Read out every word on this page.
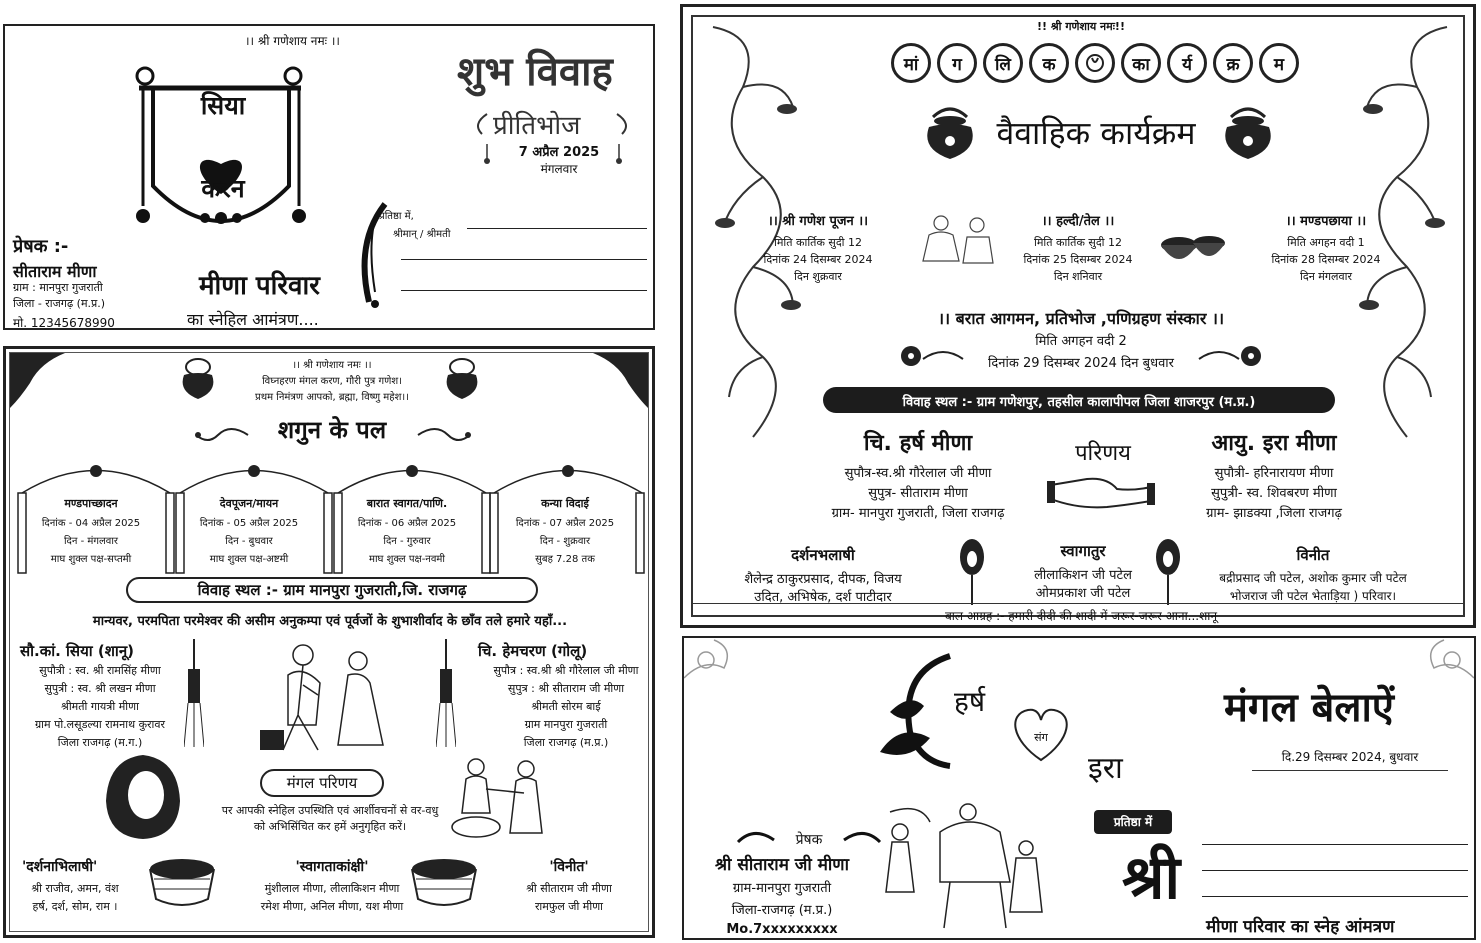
।। श्री गणेशाय नमः ।।
सिया
संग
करन
शुभ विवाह
प्रीतिभोज
7 अप्रैल 2025
मंगलवार
प्रेषक :-
सीताराम मीणा
ग्राम : मानपुरा गुजराती
जिला - राजगढ़ (म.प्र.)
मो. 12345678990
मीणा परिवार
का स्नेहिल आमंत्रण....
प्रतिष्ठा में,
श्रीमान् / श्रीमती
।। श्री गणेशाय नमः ।।
विघ्नहरण मंगल करण, गौरी पुत्र गणेश।
प्रथम निमंत्रण आपको, ब्रह्मा, विष्णु महेश।।
शगुन के पल
मण्डपाच्छादन
दिनांक - 04 अप्रैल 2025
दिन - मंगलवार
माघ शुक्ल पक्ष-सप्तमी
देवपूजन/मायन
दिनांक - 05 अप्रैल 2025
दिन - बुधवार
माघ शुक्ल पक्ष-अष्टमी
बारात स्वागत/पाणि.
दिनांक - 06 अप्रैल 2025
दिन - गुरुवार
माघ शुक्ल पक्ष-नवमी
कन्या विदाई
दिनांक - 07 अप्रैल 2025
दिन - शुक्रवार
सुबह 7.28 तक
विवाह स्थल :- ग्राम मानपुरा गुजराती,जि. राजगढ़
मान्यवर, परमपिता परमेश्वर की असीम अनुकम्पा एवं पूर्वजों के शुभाशीर्वाद के छाँव तले हमारे यहाँ...
सौ.कां. सिया (शानू)
सुपौत्री : स्व. श्री रामसिंह मीणा
सुपुत्री : स्व. श्री लखन मीणा
श्रीमती गायत्री मीणा
ग्राम पो.लसूडल्या रामनाथ कुरावर
जिला राजगढ़ (म.ग.)
चि. हेमचरण (गोलू)
सुपौत्र : स्व.श्री श्री गौरेलाल जी मीणा
सुपुत्र : श्री सीताराम जी मीणा
श्रीमती सोरम बाई
ग्राम मानपुरा गुजराती
जिला राजगढ़ (म.प्र.)
मंगल परिणय
पर आपकी स्नेहिल उपस्थिति एवं आर्शीवचनों से वर-वधु
को अभिसिंचित कर हमें अनुगृहित करें।
'दर्शनाभिलाषी'
श्री राजीव, अमन, वंश
हर्ष, दर्श, सोम, राम ।
'स्वागताकांक्षी'
मुंशीलाल मीणा, लीलाकिशन मीणा
रमेश मीणा, अनिल मीणा, यश मीणा
'विनीत'
श्री सीताराम जी मीणा
रामफुल जी मीणा
!! श्री गणेशाय नमः!!
मां	ग	लि	क	का	र्य	क्र	म
वैवाहिक कार्यक्रम
।। श्री गणेश पूजन ।।
मिति कार्तिक सुदी 12
दिनांक 24 दिसम्बर 2024
दिन शुक्रवार
।। हल्दी/तेल ।।
मिति कार्तिक सुदी 12
दिनांक 25 दिसम्बर 2024
दिन शनिवार
।। मण्डपछाया ।।
मिति अगहन वदी 1
दिनांक 28 दिसम्बर 2024
दिन मंगलवार
।। बरात आगमन, प्रतिभोज ,पणिग्रहण संस्कार ।।
मिति अगहन वदी 2
दिनांक 29 दिसम्बर 2024 दिन बुधवार
विवाह स्थल :- ग्राम गणेशपुर, तहसील कालापीपल जिला शाजरपुर (म.प्र.)
चि. हर्ष मीणा
सुपौत्र-स्व.श्री गौरेलाल जी मीणा
सुपुत्र- सीताराम मीणा
ग्राम- मानपुरा गुजराती, जिला राजगढ़
परिणय	आयु. इरा मीणा
सुपौत्री- हरिनारायण मीणा
सुपुत्री- स्व. शिवबरण मीणा
ग्राम- झाडक्या ,जिला राजगढ़
दर्शनभलाषी
शैलेन्द्र ठाकुरप्रसाद, दीपक, विजय
उदित, अभिषेक, दर्श पाटीदार
स्वागातुर
लीलाकिशन जी पटेल
ओमप्रकाश जी पटेल
विनीत
बद्रीप्रसाद जी पटेल, अशोक कुमार जी पटेल
भोजराज जी पटेल भेताड़िया ) परिवार।
बाल आग्रह :- हमारी दीदी की शादी में जरूर-जरूर आना...शानू
हर्ष
संग
इरा
मंगल बेलाऐं
दि.29 दिसम्बर 2024, बुधवार
प्रेषक
श्री सीताराम जी मीणा
ग्राम-मानपुरा गुजराती
जिला-राजगढ़ (म.प्र.)
Mo.7xxxxxxxxx
प्रतिष्ठा में
श्री
मीणा परिवार का स्नेह आंमत्रण
